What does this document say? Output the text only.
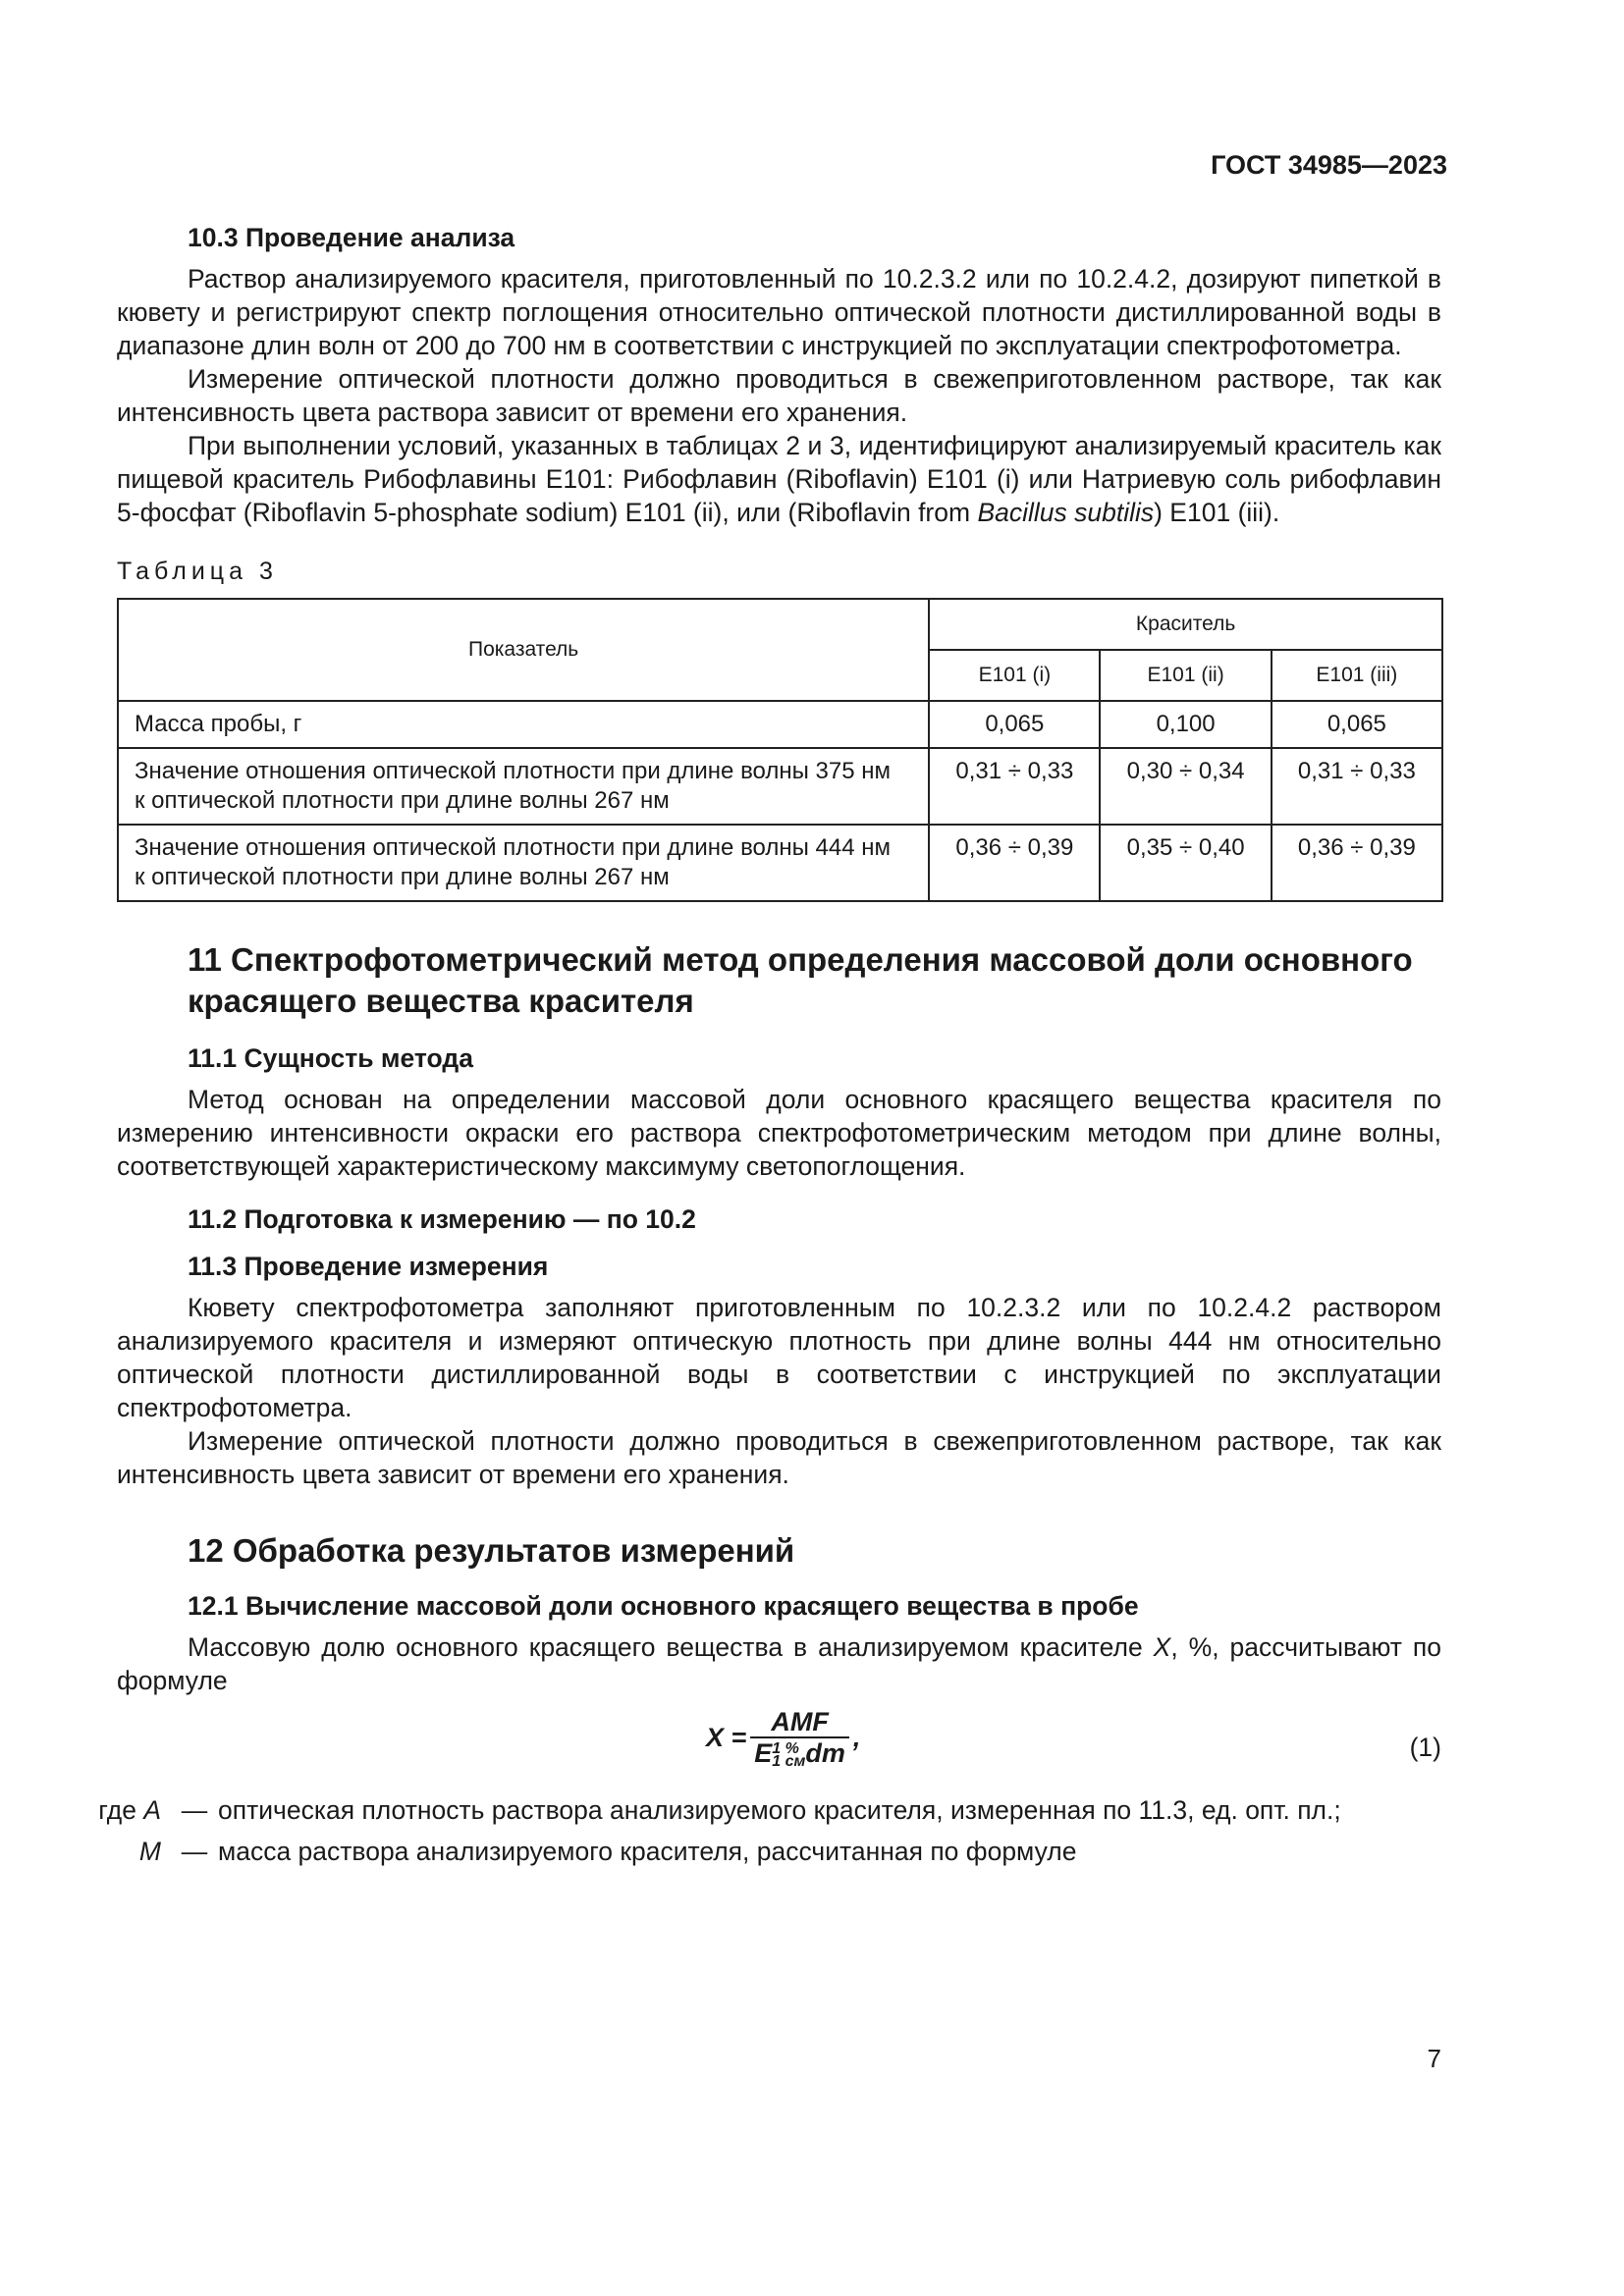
ГОСТ 34985—2023
10.3 Проведение анализа

Раствор анализируемого красителя, приготовленный по 10.2.3.2 или по 10.2.4.2, дозируют пипеткой в кювету и регистрируют спектр поглощения относительно оптической плотности дистиллированной воды в диапазоне длин волн от 200 до 700 нм в соответствии с инструкцией по эксплуатации спектрофотометра.

Измерение оптической плотности должно проводиться в свежеприготовленном растворе, так как интенсивность цвета раствора зависит от времени его хранения.

При выполнении условий, указанных в таблицах 2 и 3, идентифицируют анализируемый краситель как пищевой краситель Рибофлавины Е101: Рибофлавин (Riboflavin) Е101 (i) или Натриевую соль рибофлавин 5-фосфат (Riboflavin 5-phosphate sodium) Е101 (ii), или (Riboflavin from Bacillus subtilis) Е101 (iii).

Таблица 3
Показатель	Краситель		
	Е101 (i)	Е101 (ii)	Е101 (iii)
Масса пробы, г	0,065	0,100	0,065
Значение отношения оптической плотности при длине волны 375 нм
к оптической плотности при длине волны 267 нм	0,31 ÷ 0,33	0,30 ÷ 0,34	0,31 ÷ 0,33
Значение отношения оптической плотности при длине волны 444 нм
к оптической плотности при длине волны 267 нм	0,36 ÷ 0,39	0,35 ÷ 0,40	0,36 ÷ 0,39
11 Спектрофотометрический метод определения массовой доли основного
красящего вещества красителя
11.1 Сущность метода

Метод основан на определении массовой доли основного красящего вещества красителя по измерению интенсивности окраски его раствора спектрофотометрическим методом при длине волны, соответствующей характеристическому максимуму светопоглощения.

11.2 Подготовка к измерению — по 10.2
11.3 Проведение измерения

Кювету спектрофотометра заполняют приготовленным по 10.2.3.2 или по 10.2.4.2 раствором анализируемого красителя и измеряют оптическую плотность при длине волны 444 нм относительно оптической плотности дистиллированной воды в соответствии с инструкцией по эксплуатации спектрофотометра.

Измерение оптической плотности должно проводиться в свежеприготовленном растворе, так как интенсивность цвета зависит от времени его хранения.

12 Обработка результатов измерений
12.1 Вычисление массовой доли основного красящего вещества в пробе

Массовую долю основного красящего вещества в анализируемом красителе X, %, рассчитывают по формуле

X = AMF
E 1 %
1 см dm ,	(1)
где A — оптическая плотность раствора анализируемого красителя, измеренная по 11.3, ед. опт. пл.;
M — масса раствора анализируемого красителя, рассчитанная по формуле
7
